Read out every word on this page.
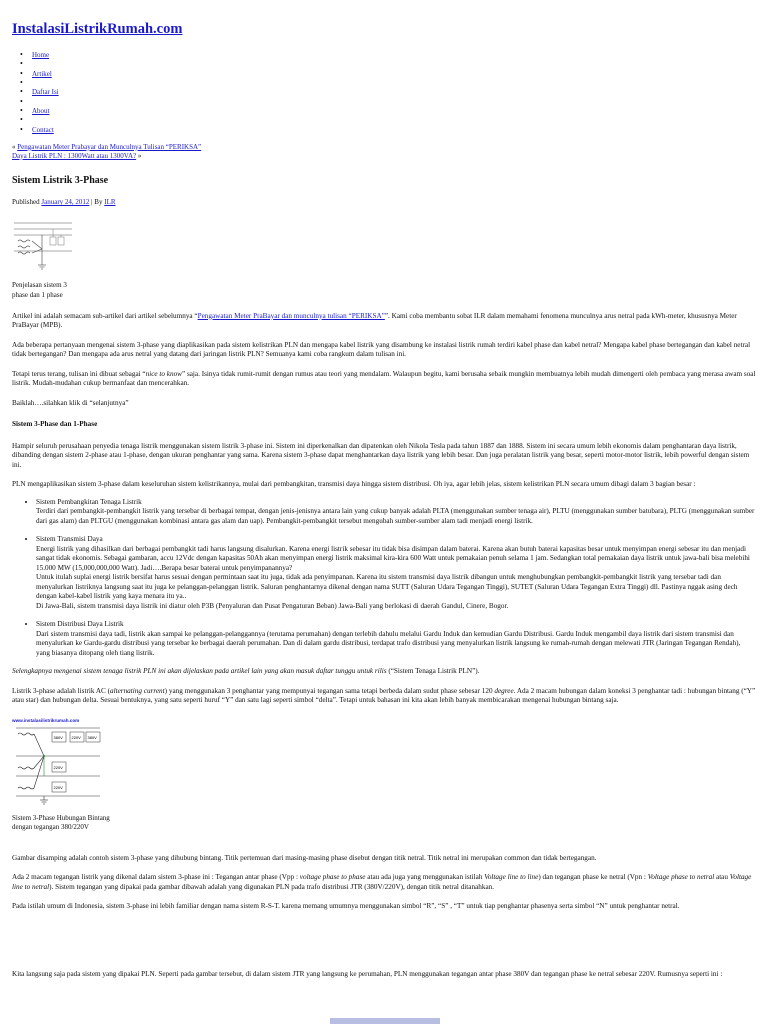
InstalasiListrikRumah.com
• Home
•
• Artikel
•
• Daftar Isi
•
• About
•
• Contact
« Pengawatan Meter Prabayar dan Munculnya Tulisan “PERIKSA”
Daya Listrik PLN : 1300Watt atau 1300VA? »
Sistem Listrik 3-Phase
Published January 24, 2012 | By ILR
Penjelasan sistem 3 phase dan 1 phase

Artikel ini adalah semacam sub-artikel dari artikel sebelumnya “Pengawatan Meter PraBayar dan munculnya tulisan “PERIKSA””. Kami coba membantu sobat ILR dalam memahami fenomena munculnya arus netral pada kWh-meter, khususnya Meter PraBayar (MPB).

Ada beberapa pertanyaan mengenai sistem 3-phase yang diaplikasikan pada sistem kelistrikan PLN dan mengapa kabel listrik yang disambung ke instalasi listrik rumah terdiri kabel phase dan kabel netral? Mengapa kabel phase bertegangan dan kabel netral tidak bertegangan? Dan mengapa ada arus netral yang datang dari jaringan listrik PLN? Semuanya kami coba rangkum dalam tulisan ini.

Tetapi terus terang, tulisan ini dibuat sebagai “nice to know” saja. Isinya tidak rumit-rumit dengan rumus atau teori yang mendalam. Walaupun begitu, kami berusaha sebaik mungkin membuatnya lebih mudah dimengerti oleh pembaca yang merasa awam soal listrik. Mudah-mudahan cukup bermanfaat dan mencerahkan.

Baiklah….silahkan klik di “selanjutnya”

Sistem 3-Phase dan 1-Phase

Hampir seluruh perusahaan penyedia tenaga listrik menggunakan sistem listrik 3-phase ini. Sistem ini diperkenalkan dan dipatenkan oleh Nikola Tesla pada tahun 1887 dan 1888. Sistem ini secara umum lebih ekonomis dalam penghantaran daya listrik, dibanding dengan sistem 2-phase atau 1-phase, dengan ukuran penghantar yang sama. Karena sistem 3-phase dapat menghantarkan daya listrik yang lebih besar. Dan juga peralatan listrik yang besar, seperti motor-motor listrik, lebih powerful dengan sistem ini.

PLN mengaplikasikan sistem 3-phase dalam keseluruhan sistem kelistrikannya, mulai dari pembangkitan, transmisi daya hingga sistem distribusi. Oh iya, agar lebih jelas, sistem kelistrikan PLN secara umum dibagi dalam 3 bagian besar :

• Sistem Pembangkitan Tenaga Listrik
Terdiri dari pembangkit-pembangkit listrik yang tersebar di berbagai tempat, dengan jenis-jenisnya antara lain yang cukup banyak adalah PLTA (menggunakan sumber tenaga air), PLTU (menggunakan sumber batubara), PLTG (menggunakan sumber dari gas alam) dan PLTGU (menggunakan kombinasi antara gas alam dan uap). Pembangkit-pembangkit tersebut mengubah sumber-sumber alam tadi menjadi energi listrik.
• Sistem Transmisi Daya
Energi listrik yang dihasilkan dari berbagai pembangkit tadi harus langsung disalurkan. Karena energi listrik sebesar itu tidak bisa disimpan dalam baterai. Karena akan butuh baterai kapasitas besar untuk menyimpan energi sebesar itu dan menjadi sangat tidak ekonomis. Sebagai gambaran, accu 12Vdc dengan kapasitas 50Ah akan menyimpan energi listrik maksimal kira-kira 600 Watt untuk pemakaian penuh selama 1 jam. Sedangkan total pemakaian daya listrik untuk jawa-bali bisa melebihi 15.000 MW (15,000,000,000 Watt). Jadi….Berapa besar baterai untuk penyimpanannya?
Untuk itulah suplai energi listrik bersifat harus sesuai dengan permintaan saat itu juga, tidak ada penyimpanan. Karena itu sistem transmisi daya listrik dibangun untuk menghubungkan pembangkit-pembangkit listrik yang tersebar tadi dan menyalurkan listriknya langsung saat itu juga ke pelanggan-pelanggan listrik. Saluran penghantarnya dikenal dengan nama SUTT (Saluran Udara Tegangan Tinggi), SUTET (Saluran Udara Tegangan Extra Tinggi) dll. Pastinya nggak asing dech dengan kabel-kabel listrik yang kaya menara itu ya..
Di Jawa-Bali, sistem transmisi daya listrik ini diatur oleh P3B (Penyaluran dan Pusat Pengaturan Beban) Jawa-Bali yang berlokasi di daerah Gandul, Cinere, Bogor.
• Sistem Distribusi Daya Listrik
Dari sistem transmisi daya tadi, listrik akan sampai ke pelanggan-pelanggannya (terutama perumahan) dengan terlebih dahulu melalui Gardu Induk dan kemudian Gardu Distribusi. Gardu Induk mengambil daya listrik dari sistem transmisi dan menyalurkan ke Gardu-gardu distribusi yang tersebar ke berbagai daerah perumahan. Dan di dalam gardu distribusi, terdapat trafo distribusi yang menyalurkan listrik langsung ke rumah-rumah dengan melewati JTR (Jaringan Tegangan Rendah), yang biasanya ditopang oleh tiang listrik.

Selengkapnya mengenai sistem tenaga listrik PLN ini akan dijelaskan pada artikel lain yang akan masuk daftar tunggu untuk rilis (“Sistem Tenaga Listrik PLN”).

Listrik 3-phase adalah listrik AC (alternating current) yang menggunakan 3 penghantar yang mempunyai tegangan sama tetapi berbeda dalam sudut phase sebesar 120 degree. Ada 2 macam hubungan dalam koneksi 3 penghantar tadi : hubungan bintang (“Y” atau star) dan hubungan delta. Sesuai bentuknya, yang satu seperti huruf “Y” dan satu lagi seperti simbol “delta”. Tetapi untuk bahasan ini kita akan lebih banyak membicarakan mengenai hubungan bintang saja.

www.instalasilistrikrumah.com
380V 220V 380V
220V
220V
Sistem 3-Phase Hubungan Bintang dengan tegangan 380/220V

Gambar disamping adalah contoh sistem 3-phase yang dihubung bintang. Titik pertemuan dari masing-masing phase disebut dengan titik netral. Titik netral ini merupakan common dan tidak bertegangan.

Ada 2 macam tegangan listrik yang dikenal dalam sistem 3-phase ini : Tegangan antar phase (Vpp : voltage phase to phase atau ada juga yang menggunakan istilah Voltage line to line) dan tegangan phase ke netral (Vpn : Voltage phase to netral atau Voltage line to netral). Sistem tegangan yang dipakai pada gambar dibawah adalah yang digunakan PLN pada trafo distribusi JTR (380V/220V), dengan titik netral ditanahkan.

Pada istilah umum di Indonesia, sistem 3-phase ini lebih familiar dengan nama sistem R-S-T. karena memang umumnya menggunakan simbol “R”, “S” , “T” untuk tiap penghantar phasenya serta simbol “N” untuk penghantar netral.

Kita langsung saja pada sistem yang dipakai PLN. Seperti pada gambar tersebut, di dalam sistem JTR yang langsung ke perumahan, PLN menggunakan tegangan antar phase 380V dan tegangan phase ke netral sebesar 220V. Rumusnya seperti ini :
